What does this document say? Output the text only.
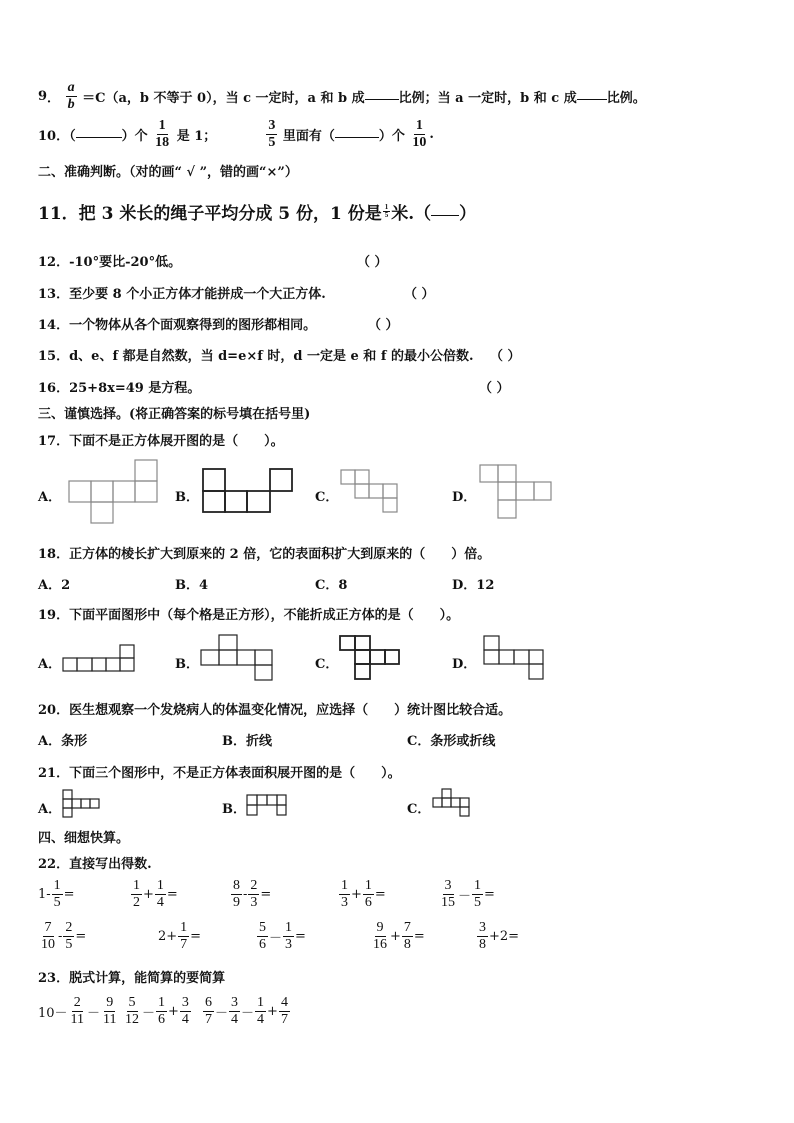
9． $\frac{a}{b} =C(a$，b 不等于 0），当 c 一定时，a 和 b 成	比例；当 a 一定时，b 和 c 成 比例。
10．（	）个 $\frac{1}{18}$ 是 1；	$\frac{3}{5}$ 里面有（	）个 $\frac{1}{10}$ .
二、准确判断。（对的画“ √ ”，错的画“×”）
11．把 3 米长的绳子平均分成 5 份，1 份是 $\frac{1}{5}$ 米.（ ）
12．-10°要比-20°低。	（ ）
13．至少要 8 个小正方体才能拼成一个大正方体.	（ ）
14．一个物体从各个面观察得到的图形都相同。	（ ）
15．d、e、f 都是自然数，当 d=e×f 时，d 一定是 e 和 f 的最小公倍数. （ ）
16．25+8x=49 是方程。	（ ）
三、谨慎选择。(将正确答案的标号填在括号里)
17．下面不是正方体展开图的是（　　）。
A．	B．	C．	D．
18．正方体的棱长扩大到原来的 2 倍，它的表面积扩大到原来的（　　）倍。
A．2	B．4	C．8	D．12
19．下面平面图形中（每个格是正方形），不能折成正方体的是（　　）。
A．	B．	C．	D．
20．医生想观察一个发烧病人的体温变化情况，应选择（　　）统计图比较合适。
A．条形	B．折线	C．条形或折线
21．下面三个图形中，不是正方体表面积展开图的是（　　）。
A．	B．	C．
四、细想快算。
22．直接写出得数.
23．脱式计算，能简算的要简算
$10- \frac{2}{11} - \frac{9}{11} \frac{5}{12} - \frac{1}{6} + \frac{3}{4} \frac{6}{7} - \frac{3}{4} - \frac{1}{4} + \frac{4}{7}$
$1- \frac{1}{5}$ =	$\frac{1}{2} + \frac{1}{4}$ =	$\frac{8}{9} - \frac{2}{3}$ =	$\frac{1}{3} + \frac{1}{6}$ =	$\frac{3}{15} - \frac{1}{5}$ =
$\frac{7}{10} - \frac{2}{5}$ =	$2+ \frac{1}{7}$ =	$\frac{5}{6} - \frac{1}{3}$ =	$\frac{9}{16} + \frac{7}{8}$ =	$\frac{3}{8} +2=$
